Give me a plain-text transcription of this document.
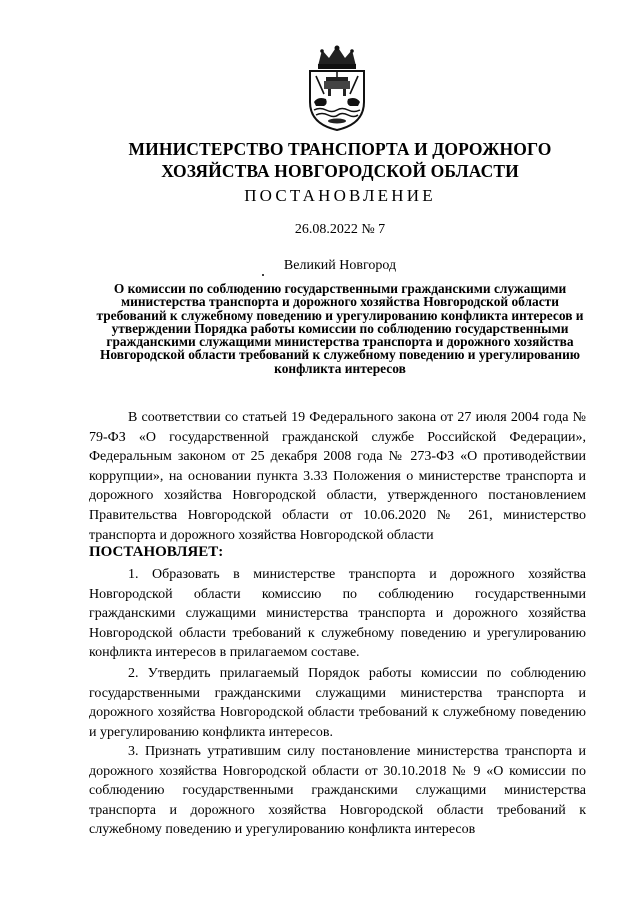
МИНИСТЕРСТВО ТРАНСПОРТА И ДОРОЖНОГО
ХОЗЯЙСТВА НОВГОРОДСКОЙ ОБЛАСТИ
ПОСТАНОВЛЕНИЕ
26.08.2022 № 7
Великий Новгород
О комиссии по соблюдению государственными гражданскими служащими министерства транспорта и дорожного хозяйства Новгородской области требований к служебному поведению и урегулированию конфликта интересов и утверждении Порядка работы комиссии по соблюдению государственными гражданскими служащими министерства транспорта и дорожного хозяйства Новгородской области требований к служебному поведению и урегулированию конфликта интересов
В соответствии со статьей 19 Федерального закона от 27 июля 2004 года № 79-ФЗ «О государственной гражданской службе Российской Федерации», Федеральным законом от 25 декабря 2008 года № 273-ФЗ «О противодействии коррупции», на основании пункта 3.33 Положения о министерстве транспорта и дорожного хозяйства Новгородской области, утвержденного постановлением Правительства Новгородской области от 10.06.2020 № 261, министерство транспорта и дорожного хозяйства Новгородской области
ПОСТАНОВЛЯЕТ:
1. Образовать в министерстве транспорта и дорожного хозяйства Новгородской области комиссию по соблюдению государственными гражданскими служащими министерства транспорта и дорожного хозяйства Новгородской области требований к служебному поведению и урегулированию конфликта интересов в прилагаемом составе.
2. Утвердить прилагаемый Порядок работы комиссии по соблюдению государственными гражданскими служащими министерства транспорта и дорожного хозяйства Новгородской области требований к служебному поведению и урегулированию конфликта интересов.
3. Признать утратившим силу постановление министерства транспорта и дорожного хозяйства Новгородской области от 30.10.2018 № 9 «О комиссии по соблюдению государственными гражданскими служащими министерства транспорта и дорожного хозяйства Новгородской области требований к служебному поведению и урегулированию конфликта интересов
